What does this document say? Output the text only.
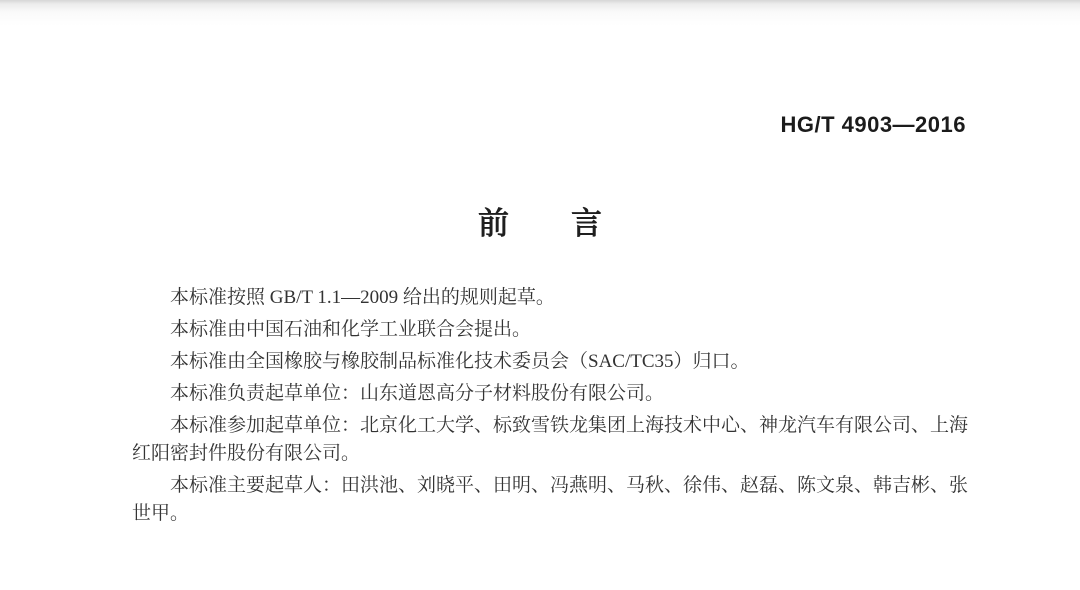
HG/T 4903—2016
前　　言

本标准按照 GB/T 1.1—2009 给出的规则起草。

本标准由中国石油和化学工业联合会提出。

本标准由全国橡胶与橡胶制品标准化技术委员会（SAC/TC35）归口。

本标准负责起草单位：山东道恩高分子材料股份有限公司。

本标准参加起草单位：北京化工大学、标致雪铁龙集团上海技术中心、神龙汽车有限公司、上海
红阳密封件股份有限公司。

本标准主要起草人：田洪池、刘晓平、田明、冯燕明、马秋、徐伟、赵磊、陈文泉、韩吉彬、张
世甲。
